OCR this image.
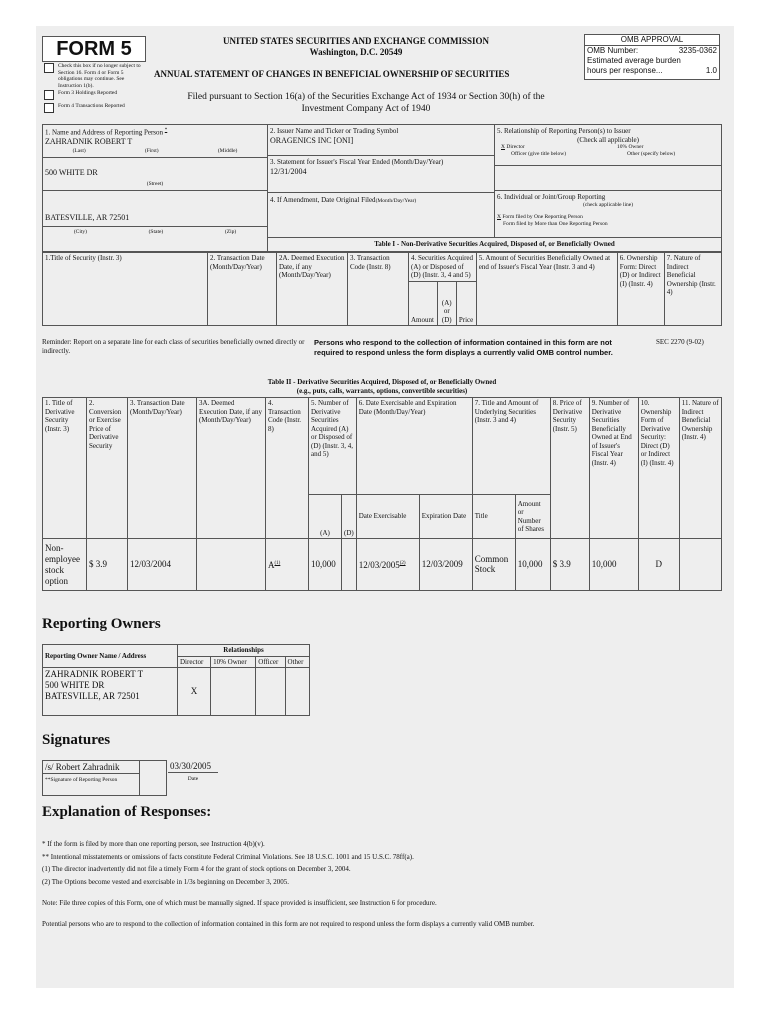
FORM 5
Check this box if no longer subject to Section 16. Form 4 or Form 5 obligations may continue. See Instruction 1(b).
Form 3 Holdings Reported
Form 4 Transactions Reported
UNITED STATES SECURITIES AND EXCHANGE COMMISSION
Washington, D.C. 20549
ANNUAL STATEMENT OF CHANGES IN BENEFICIAL OWNERSHIP OF SECURITIES
Filed pursuant to Section 16(a) of the Securities Exchange Act of 1934 or Section 30(h) of the Investment Company Act of 1940
OMB APPROVAL
OMB Number:	3235-0362
Estimated average burden
hours per response...	1.0
1. Name and Address of Reporting Person *
ZAHRADNIK ROBERT T
(Last)	(First)	(Middle)
500 WHITE DR
(Street)
BATESVILLE, AR 72501
(City)	(State)	(Zip)
2. Issuer Name and Ticker or Trading Symbol
ORAGENICS INC [ONI]
3. Statement for Issuer's Fiscal Year Ended (Month/Day/Year)
12/31/2004
4. If Amendment, Date Original Filed(Month/Day/Year)
5. Relationship of Reporting Person(s) to Issuer
(Check all applicable)
X Director	10% Owner
Officer (give title below)	Other (specify below)
6. Individual or Joint/Group Reporting
(check applicable line)
X Form filed by One Reporting Person
Form filed by More than One Reporting Person
Table I - Non-Derivative Securities Acquired, Disposed of, or Beneficially Owned
1.Title of Security (Instr. 3)	2. Transaction Date (Month/Day/Year)	2A. Deemed Execution Date, if any (Month/Day/Year)	3. Transaction Code (Instr. 8)	4. Securities Acquired (A) or Disposed of (D) (Instr. 3, 4 and 5)			5. Amount of Securities Beneficially Owned at end of Issuer's Fiscal Year (Instr. 3 and 4)	6. Ownership Form: Direct (D) or Indirect (I) (Instr. 4)	7. Nature of Indirect Beneficial Ownership (Instr. 4)
				Amount	(A) or (D)	Price			
Reminder: Report on a separate line for each class of securities beneficially owned directly or indirectly.
Persons who respond to the collection of information contained in this form are not required to respond unless the form displays a currently valid OMB control number.
SEC 2270 (9-02)
Table II - Derivative Securities Acquired, Disposed of, or Beneficially Owned
(e.g., puts, calls, warrants, options, convertible securities)
1. Title of Derivative Security (Instr. 3)	2. Conversion or Exercise Price of Derivative Security	3. Transaction Date (Month/Day/Year)	3A. Deemed Execution Date, if any (Month/Day/Year)	4. Transaction Code (Instr. 8)	5. Number of Derivative Securities Acquired (A) or Disposed of (D) (Instr. 3, 4, and 5)		6. Date Exercisable and Expiration Date (Month/Day/Year)		7. Title and Amount of Underlying Securities (Instr. 3 and 4)		8. Price of Derivative Security (Instr. 5)	9. Number of Derivative Securities Beneficially Owned at End of Issuer's Fiscal Year (Instr. 4)	10. Ownership Form of Derivative Security: Direct (D) or Indirect (I) (Instr. 4)	11. Nature of Indirect Beneficial Ownership (Instr. 4)
					(A)	(D)	Date Exercisable	Expiration Date	Title	Amount or Number of Shares				
Non-employee stock option	$ 3.9	12/03/2004		$A^{(1)}$	10,000		12/03/2005$^{(2)}$	12/03/2009	Common Stock	10,000	$ 3.9	10,000	D	
Reporting Owners
Reporting Owner Name / Address	Relationships			
	Director	10% Owner	Officer	Other

ZAHRADNIK ROBERT T
500 WHITE DR
BATESVILLE, AR 72501	X			
Signatures
/s/ Robert Zahradnik
**Signature of Reporting Person
03/30/2005
Date
Explanation of Responses:
* If the form is filed by more than one reporting person, see Instruction 4(b)(v).
** Intentional misstatements or omissions of facts constitute Federal Criminal Violations. See 18 U.S.C. 1001 and 15 U.S.C. 78ff(a).
(1) The director inadvertently did not file a timely Form 4 for the grant of stock options on December 3, 2004.
(2) The Options become vested and exercisable in 1/3s beginning on December 3, 2005.
Note: File three copies of this Form, one of which must be manually signed. If space provided is insufficient, see Instruction 6 for procedure.
Potential persons who are to respond to the collection of information contained in this form are not required to respond unless the form displays a currently valid OMB number.
